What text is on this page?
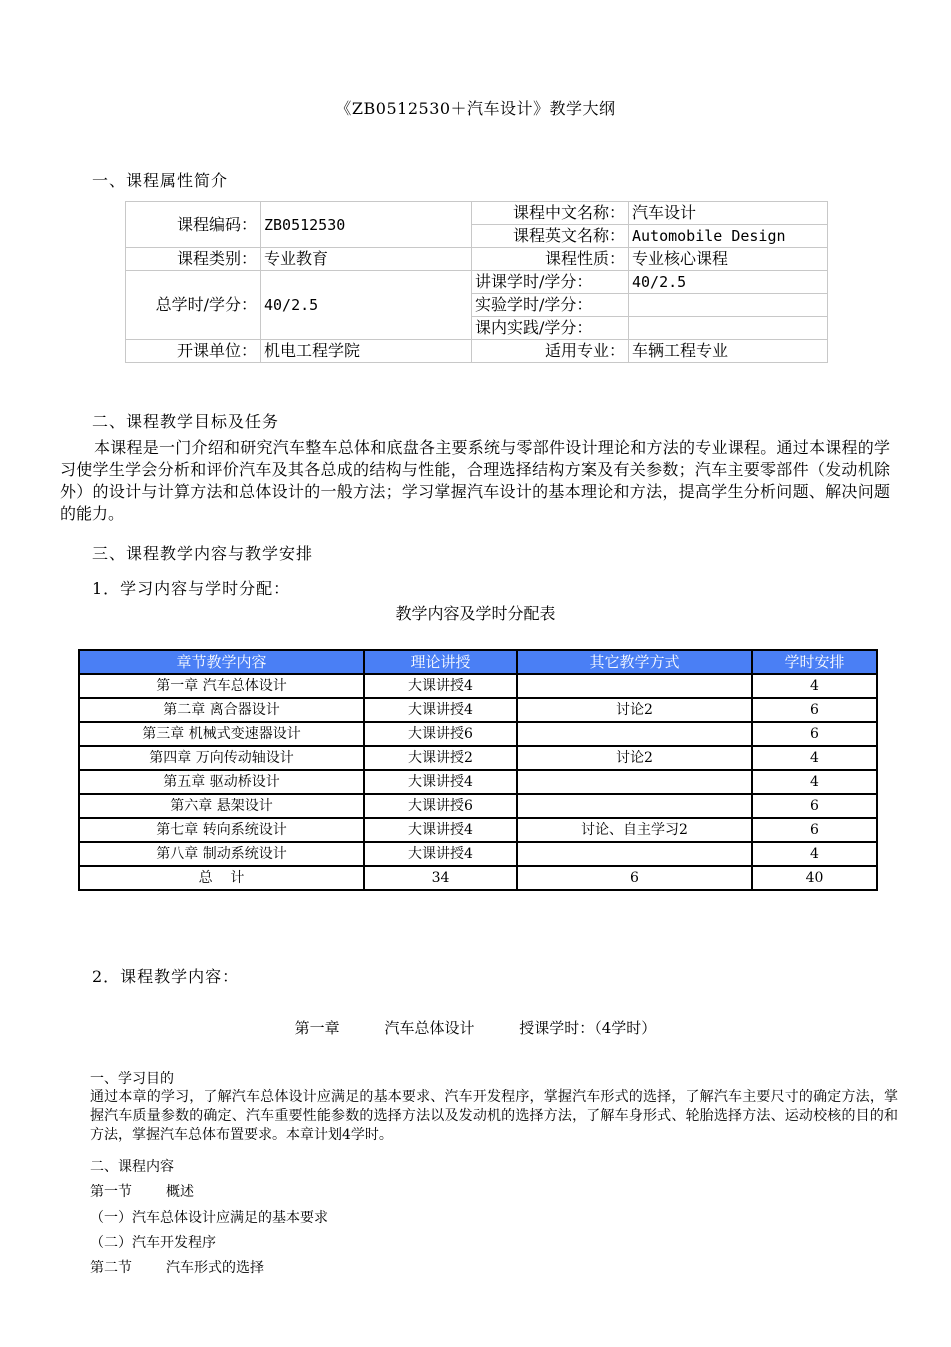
《ZB0512530＋汽车设计》教学大纲
一、课程属性简介
课程编码：	ZB0512530	课程中文名称：	汽车设计
		课程英文名称：	Automobile Design
课程类别：	专业教育	课程性质：	专业核心课程
总学时/学分：	40/2.5	讲课学时/学分：	40/2.5
		实验学时/学分：	
		课内实践/学分：	
开课单位：	机电工程学院	适用专业：	车辆工程专业
二、课程教学目标及任务

本课程是一门介绍和研究汽车整车总体和底盘各主要系统与零部件设计理论和方法的专业课程。通过本课程的学习使学生学会分析和评价汽车及其各总成的结构与性能，合理选择结构方案及有关参数；汽车主要零部件（发动机除外）的设计与计算方法和总体设计的一般方法；学习掌握汽车设计的基本理论和方法，提高学生分析问题、解决问题的能力。

三、课程教学内容与教学安排
1．学习内容与学时分配：
教学内容及学时分配表
章节教学内容	理论讲授	其它教学方式	学时安排
第一章 汽车总体设计	大课讲授4		4
第二章 离合器设计	大课讲授4	讨论2	6
第三章 机械式变速器设计	大课讲授6		6
第四章 万向传动轴设计	大课讲授2	讨论2	4
第五章 驱动桥设计	大课讲授4		4
第六章 悬架设计	大课讲授6		6
第七章 转向系统设计	大课讲授4	讨论、自主学习2	6
第八章 制动系统设计	大课讲授4		4
总    计	34	6	40
2．课程教学内容：
第一章	汽车总体设计	授课学时：（4学时）
一、学习目的

通过本章的学习，了解汽车总体设计应满足的基本要求、汽车开发程序，掌握汽车形式的选择，了解汽车主要尺寸的确定方法，掌握汽车质量参数的确定、汽车重要性能参数的选择方法以及发动机的选择方法，了解车身形式、轮胎选择方法、运动校核的目的和方法，掌握汽车总体布置要求。本章计划4学时。

二、课程内容
第一节 概述
（一）汽车总体设计应满足的基本要求
（二）汽车开发程序
第二节 汽车形式的选择
